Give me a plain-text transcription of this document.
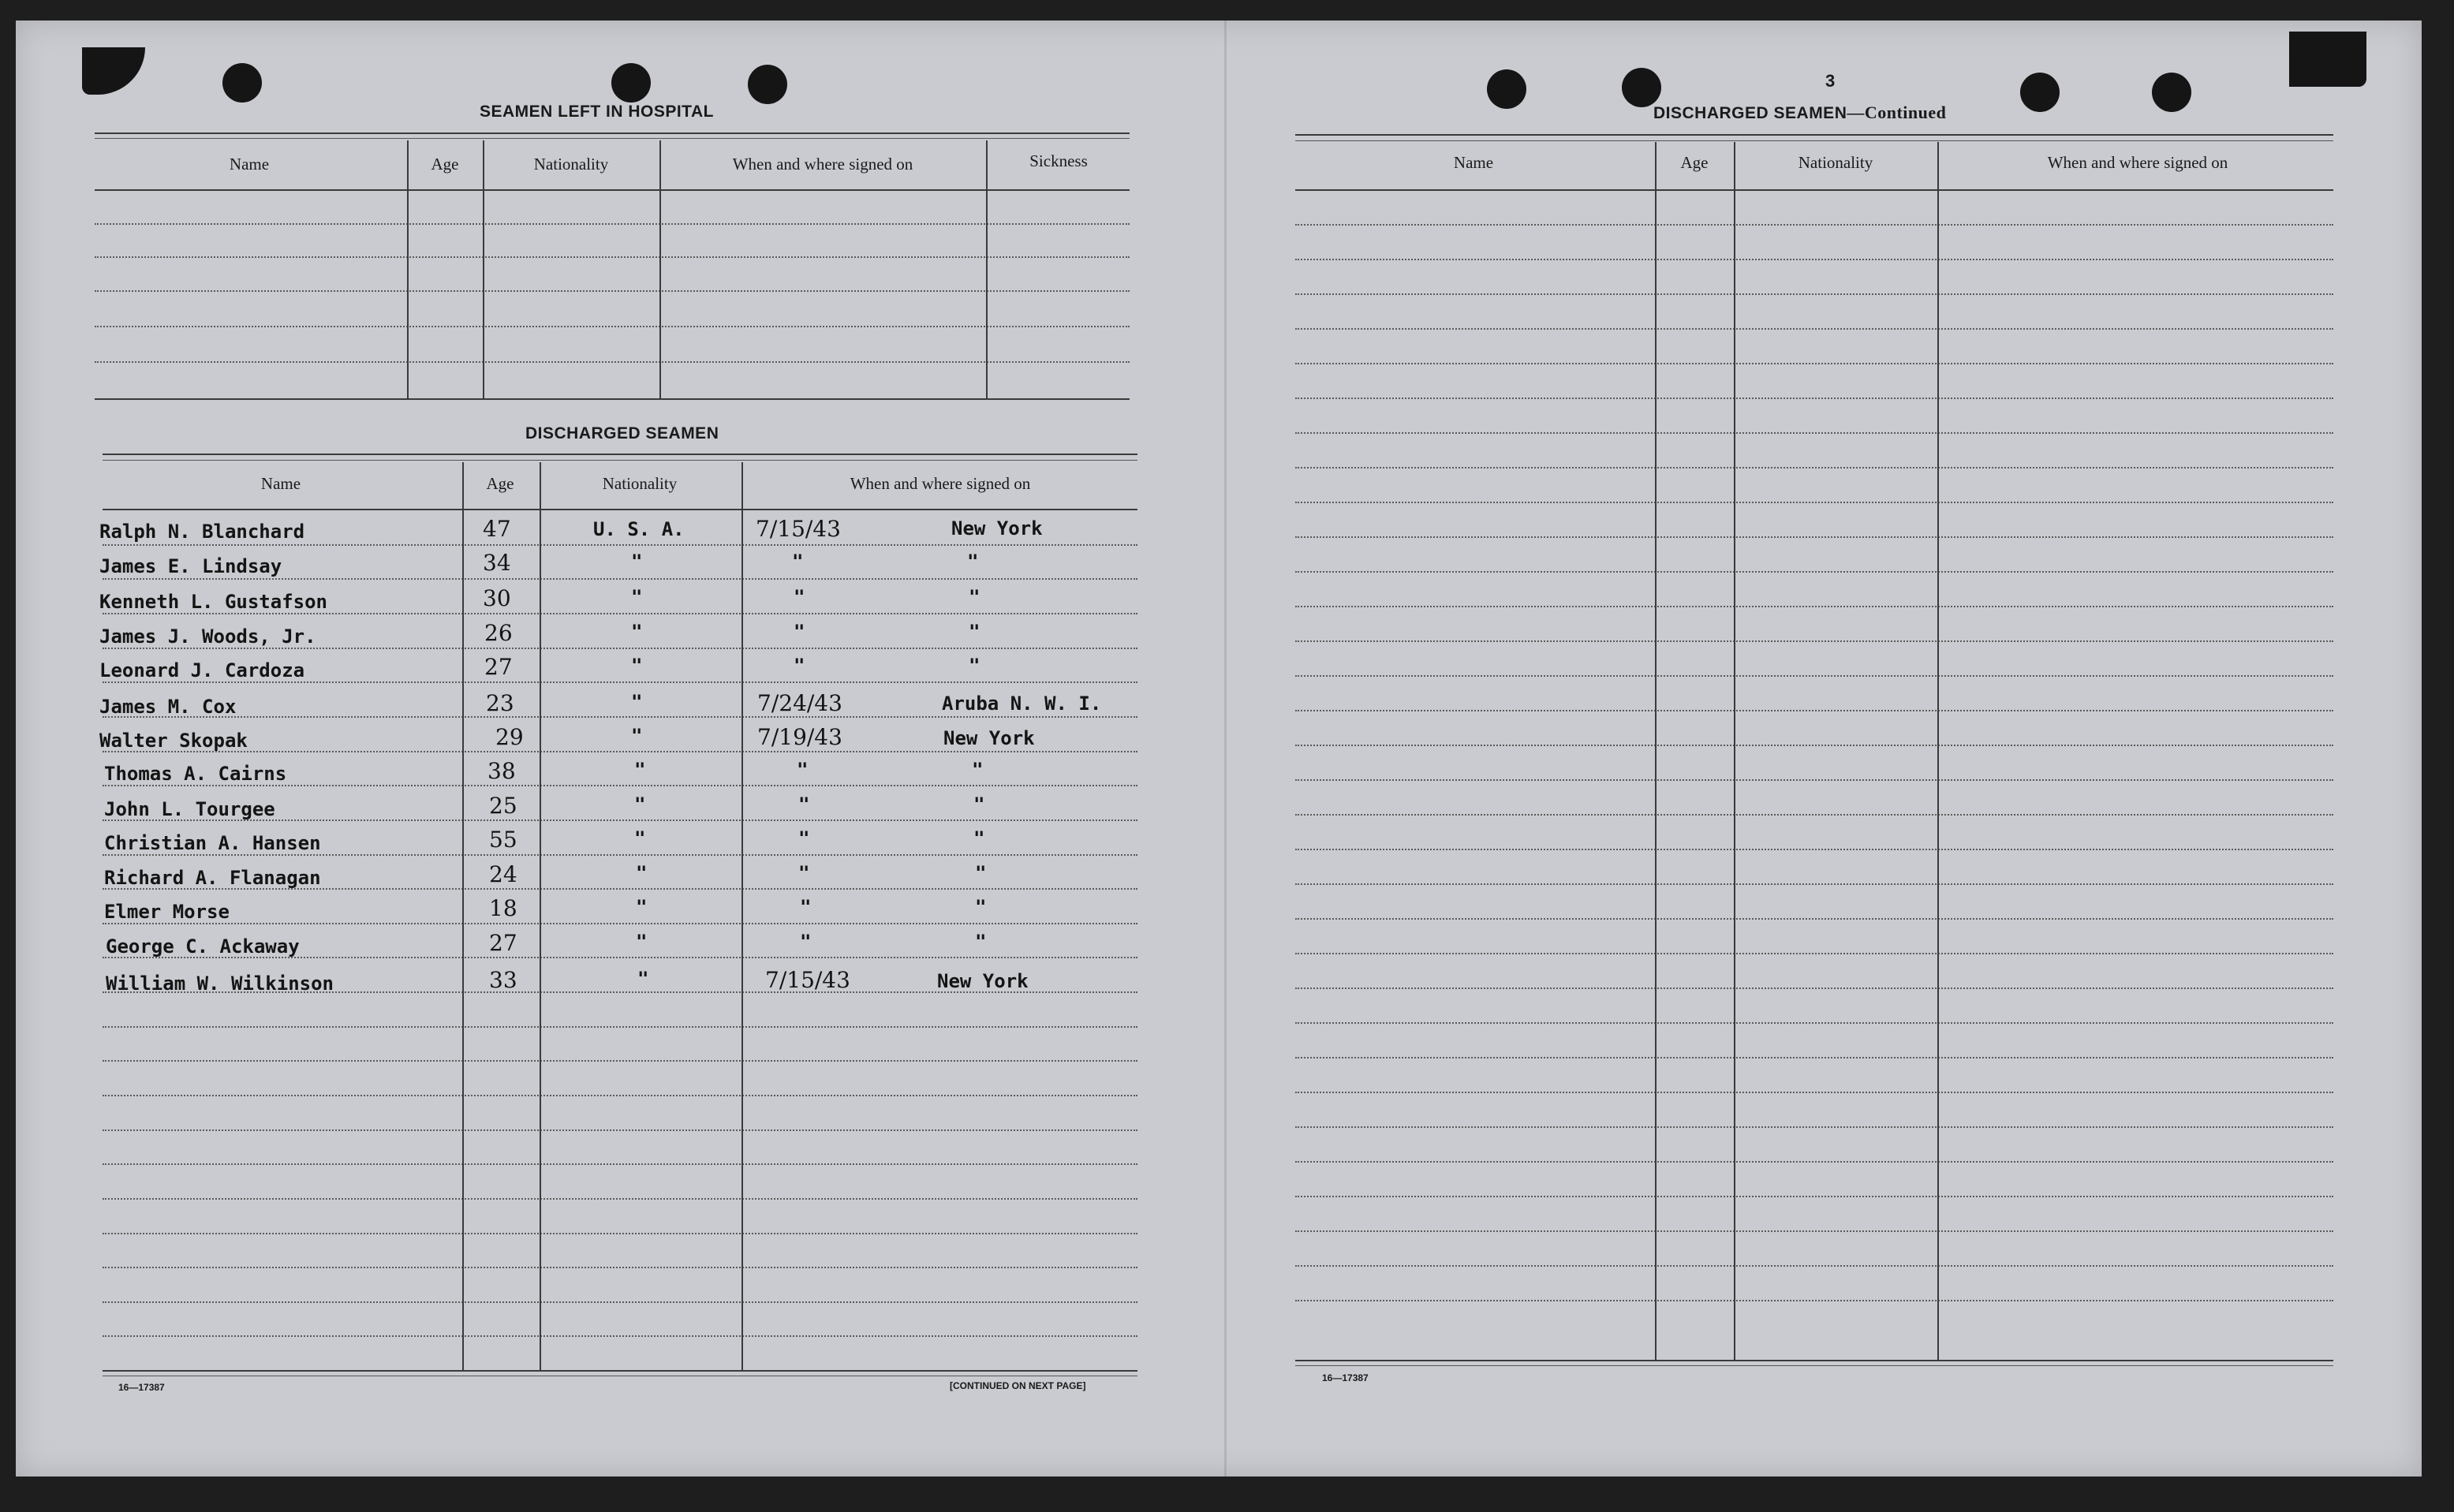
SEAMEN LEFT IN HOSPITAL
Name	Age	Nationality	When and where signed on	Sickness
DISCHARGED SEAMEN
Name	Age	Nationality	When and where signed on
Ralph N. Blanchard	47	U. S. A.	7/15/43	New York
James E. Lindsay	34	"	"	"
Kenneth L. Gustafson	30	"	"	"
James J. Woods, Jr.	26	"	"	"
Leonard J. Cardoza	27	"	"	"
James M. Cox	23	"	7/24/43	Aruba N. W. I.
Walter Skopak	29	"	7/19/43	New York
Thomas A. Cairns	38	"	"	"
John L. Tourgee	25	"	"	"
Christian A. Hansen	55	"	"	"
Richard A. Flanagan	24	"	"	"
Elmer Morse	18	"	"	"
George C. Ackaway	27	"	"	"
William W. Wilkinson	33	"	7/15/43	New York
16—17387	[CONTINUED ON NEXT PAGE]
3
DISCHARGED SEAMEN—Continued
Name	Age	Nationality	When and where signed on
16—17387
